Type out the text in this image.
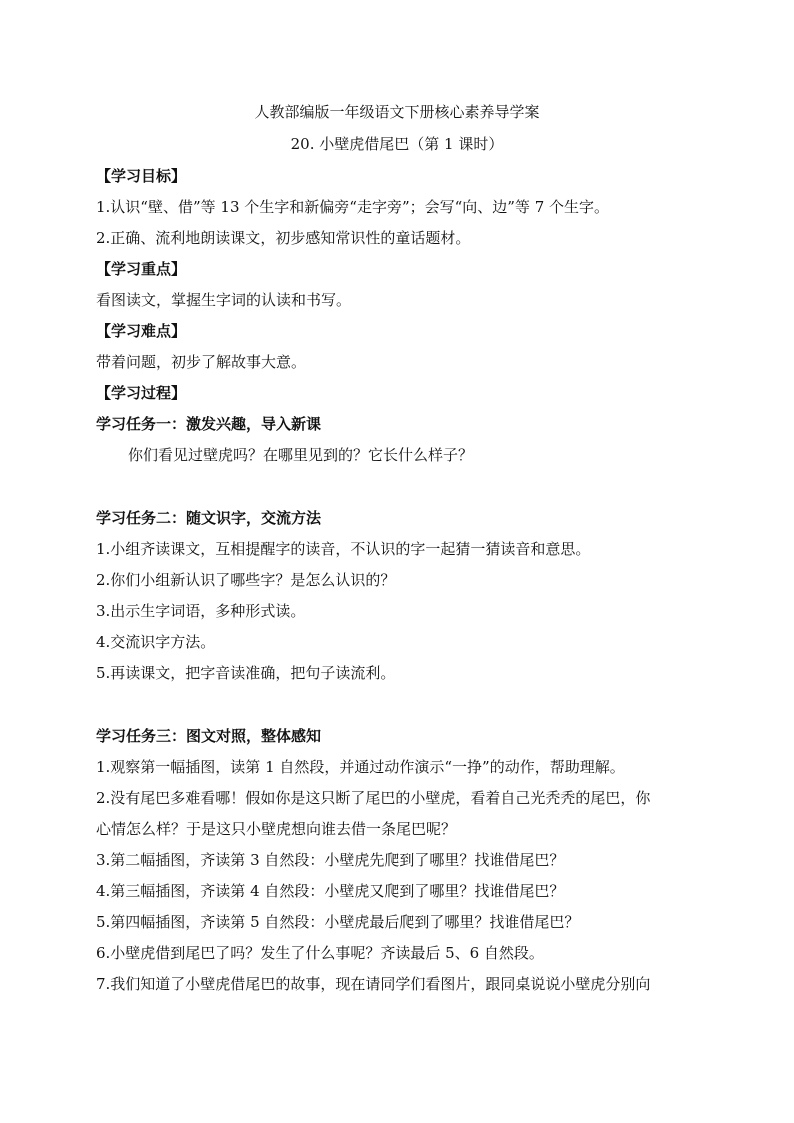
人教部编版一年级语文下册核心素养导学案
20. 小壁虎借尾巴（第 1 课时）
【学习目标】
1.认识“壁、借”等 13 个生字和新偏旁“走字旁”；会写“向、边”等 7 个生字。
2.正确、流利地朗读课文，初步感知常识性的童话题材。
【学习重点】
看图读文，掌握生字词的认读和书写。
【学习难点】
带着问题，初步了解故事大意。
【学习过程】
学习任务一：激发兴趣，导入新课
你们看见过壁虎吗？在哪里见到的？它长什么样子？
学习任务二：随文识字，交流方法
1.小组齐读课文，互相提醒字的读音，不认识的字一起猜一猜读音和意思。
2.你们小组新认识了哪些字？是怎么认识的？
3.出示生字词语，多种形式读。
4.交流识字方法。
5.再读课文，把字音读准确，把句子读流利。
学习任务三：图文对照，整体感知
1.观察第一幅插图，读第 1 自然段，并通过动作演示“一挣”的动作，帮助理解。
2.没有尾巴多难看哪！假如你是这只断了尾巴的小壁虎，看着自己光秃秃的尾巴，你
心情怎么样？于是这只小壁虎想向谁去借一条尾巴呢？
3.第二幅插图，齐读第 3 自然段：小壁虎先爬到了哪里？找谁借尾巴？
4.第三幅插图，齐读第 4 自然段：小壁虎又爬到了哪里？找谁借尾巴？
5.第四幅插图，齐读第 5 自然段：小壁虎最后爬到了哪里？找谁借尾巴？
6.小壁虎借到尾巴了吗？发生了什么事呢？齐读最后 5、6 自然段。
7.我们知道了小壁虎借尾巴的故事，现在请同学们看图片，跟同桌说说小壁虎分别向
